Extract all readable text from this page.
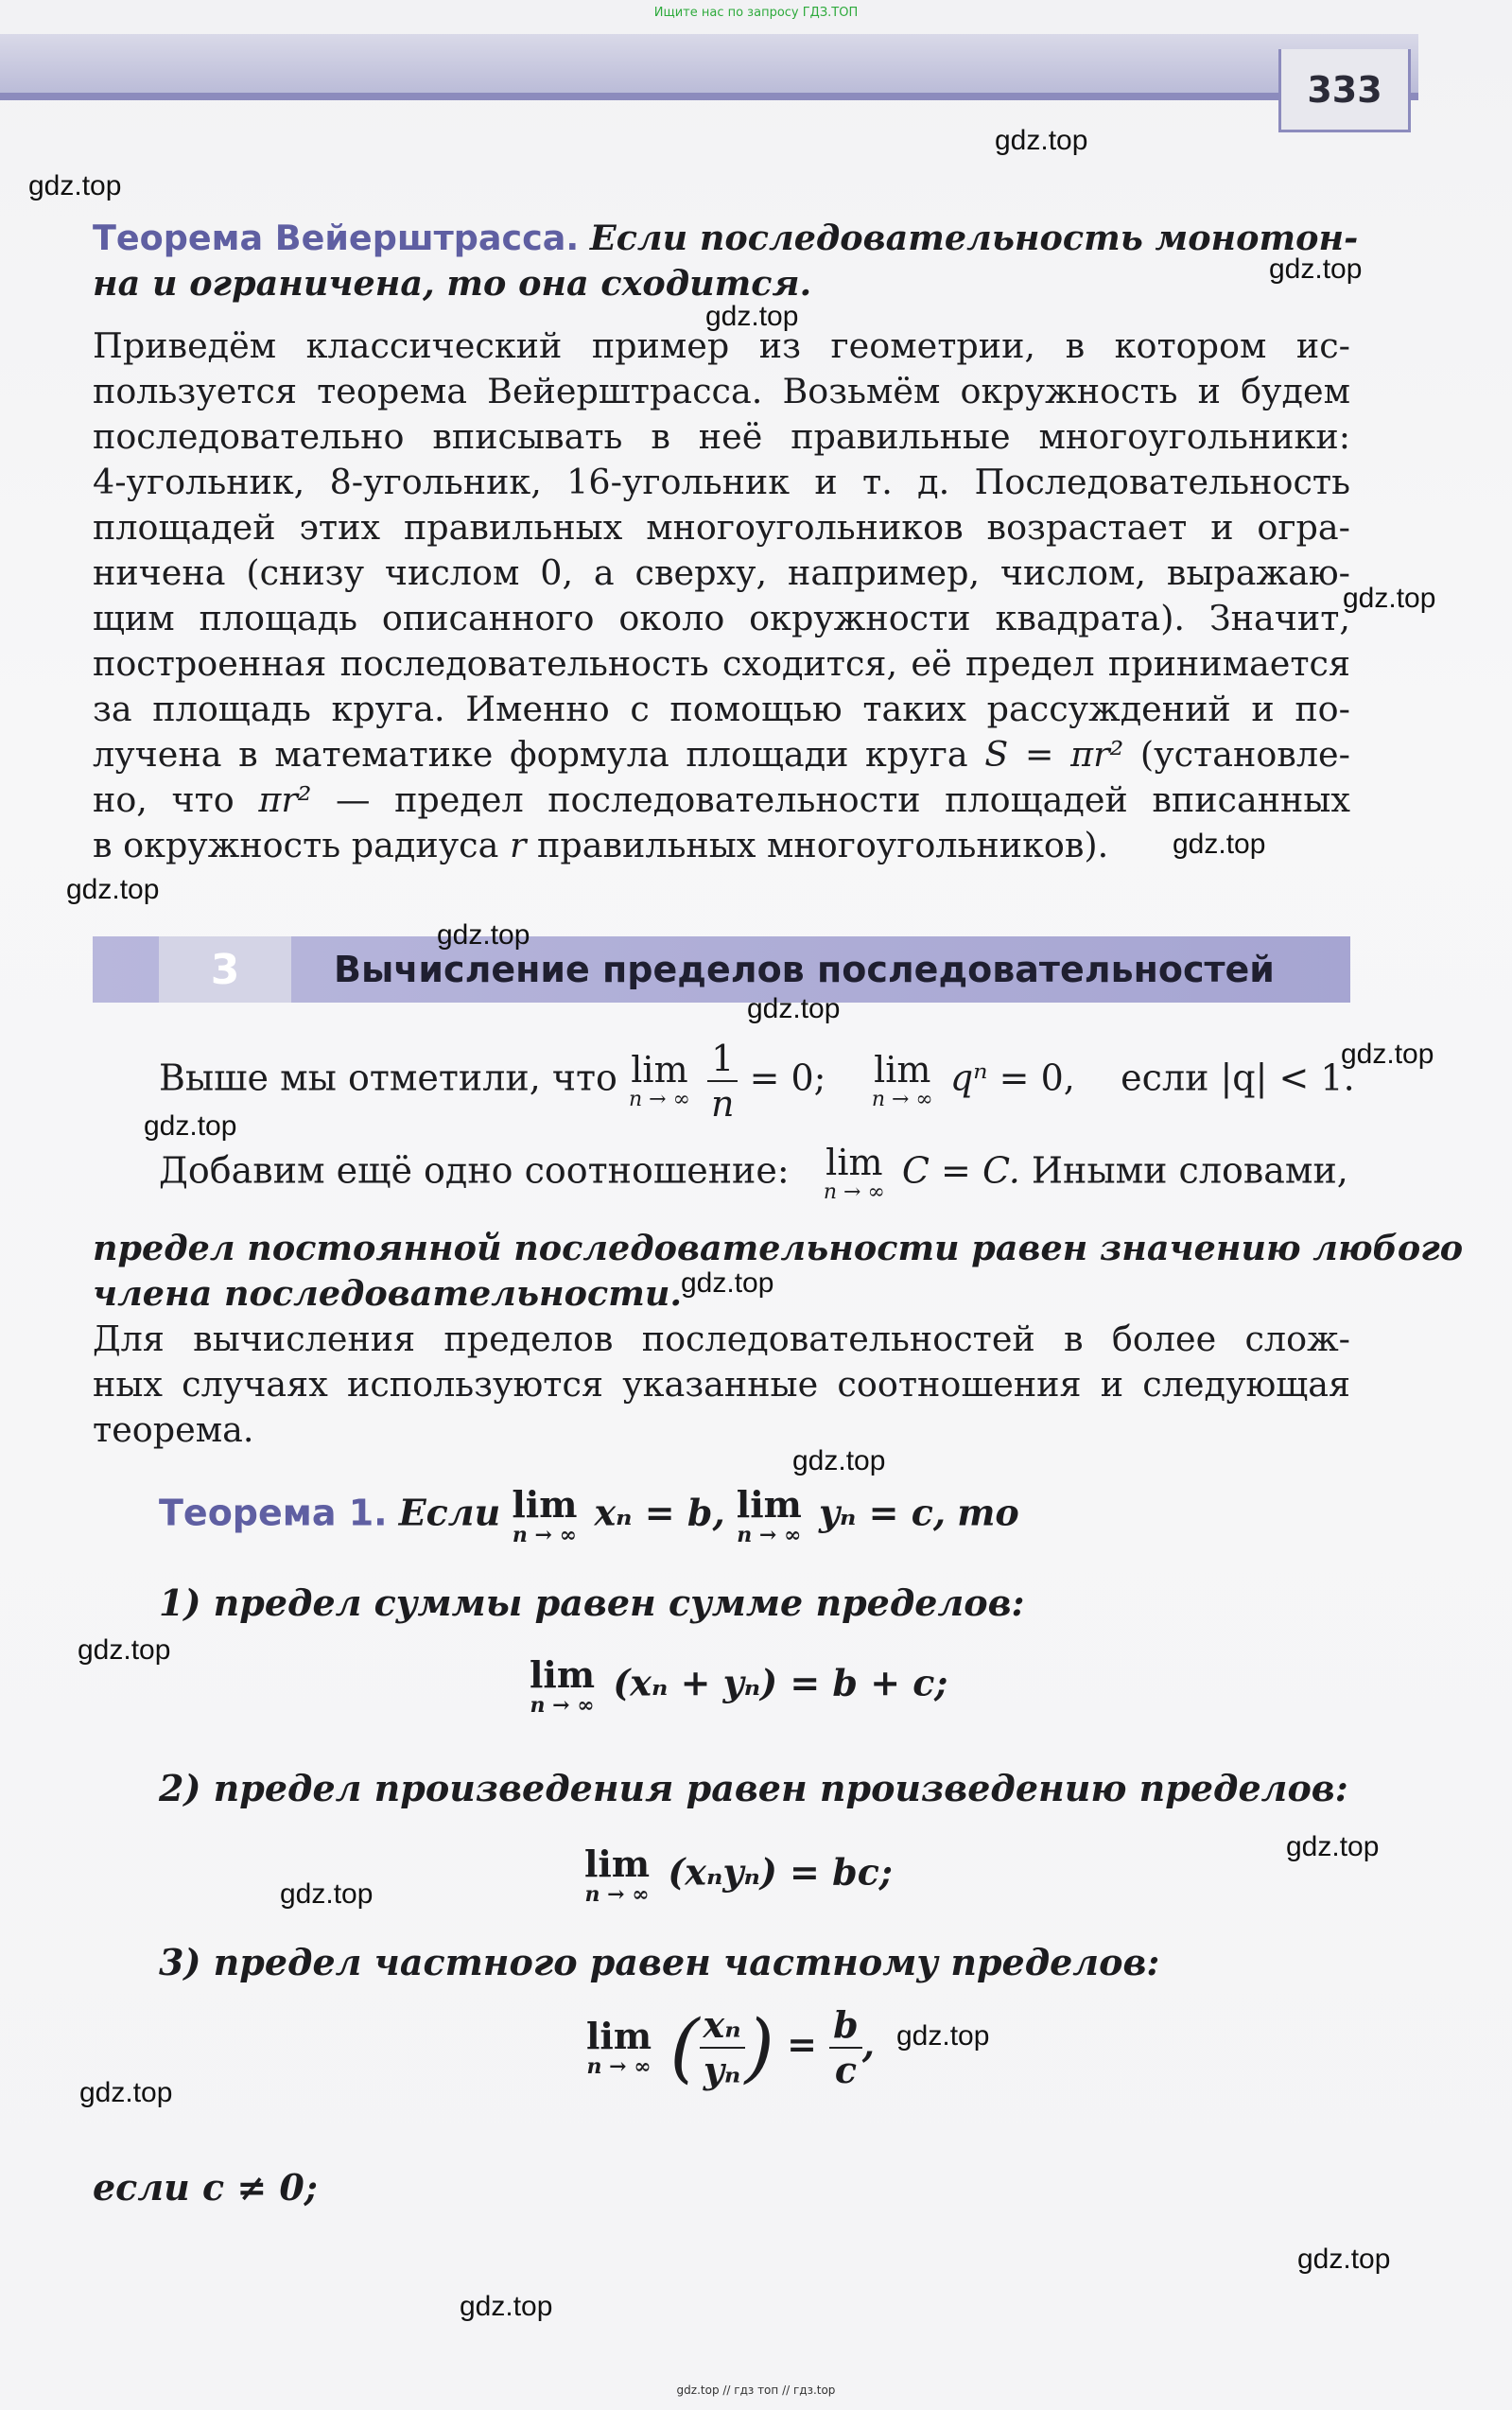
Ищите нас по запросу ГДЗ.ТОП
333
Теорема Вейерштрасса. Если последовательность монотон-
на и ограничена, то она сходится.
Приведём классический пример из геометрии, в котором ис-
пользуется теорема Вейерштрасса. Возьмём окружность и будем
последовательно вписывать в неё правильные многоугольники:
4-угольник, 8-угольник, 16-угольник и т. д. Последовательность
площадей этих правильных многоугольников возрастает и огра-
ничена (снизу числом 0, а сверху, например, числом, выражаю-
щим площадь описанного около окружности квадрата). Значит,
построенная последовательность сходится, её предел принимается
за площадь круга. Именно с помощью таких рассуждений и по-
лучена в математике формула площади круга S = πr² (установле-
но, что πr² — предел последовательности площадей вписанных
в окружность радиуса r правильных многоугольников).
3	Вычисление пределов последовательностей
Выше мы отметили, что lim
n → ∞
$\frac{1}{n} = 0$; lim
n → ∞
qⁿ = 0, если |q| < 1.
Добавим ещё одно соотношение: lim
n → ∞
C = C. Иными словами,
предел постоянной последовательности равен значению любого
члена последовательности.
Для вычисления пределов последовательностей в более слож-
ных случаях используются указанные соотношения и следующая
теорема.
Теорема 1. Если lim
n → ∞
xₙ = b, lim
n → ∞
yₙ = c, то
1) предел суммы равен сумме пределов:
lim
n → ∞
(xₙ + yₙ) = b + c;
2) предел произведения равен произведению пределов:
lim
n → ∞
(xₙyₙ) = bc;
3) предел частного равен частному пределов:
lim
n → ∞ ( $\frac{\text{xₙ}}{\text{yₙ}}$ ) = $\frac{b}{c}$ ,
если c ≠ 0;
gdz.top
gdz.top
gdz.top
gdz.top
gdz.top
gdz.top
gdz.top
gdz.top
gdz.top
gdz.top
gdz.top
gdz.top
gdz.top
gdz.top
gdz.top
gdz.top
gdz.top
gdz.top
gdz.top
gdz.top
gdz.top // гдз топ // гдз.top
